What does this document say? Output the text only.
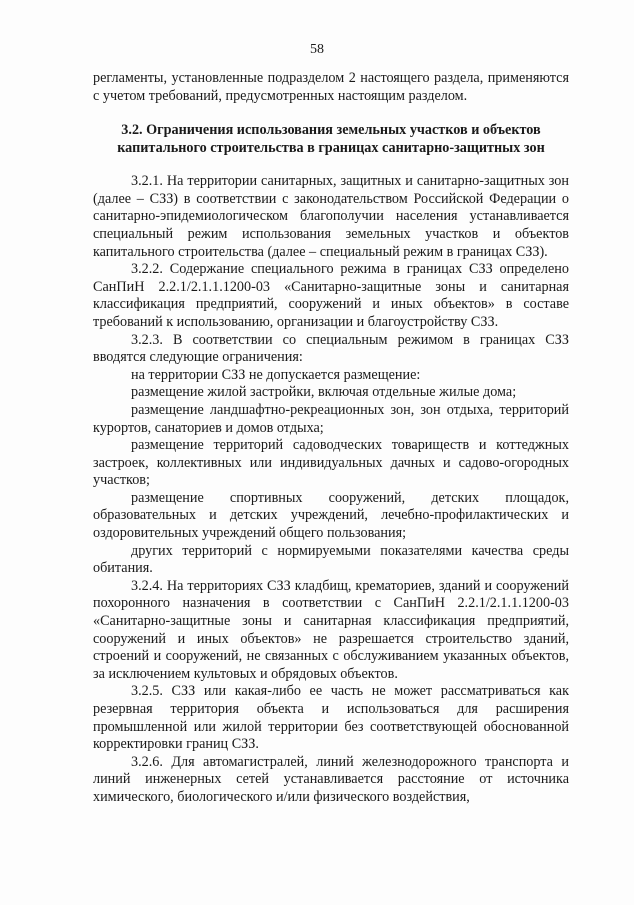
58

регламенты, установленные подразделом 2 настоящего раздела, применяются с учетом требований, предусмотренных настоящим разделом.

3.2. Ограничения использования земельных участков и объектов капитального строительства в границах санитарно-защитных зон

3.2.1. На территории санитарных, защитных и санитарно-защитных зон (далее – СЗЗ) в соответствии с законодательством Российской Федерации о санитарно-эпидемиологическом благополучии населения устанавливается специальный режим использования земельных участков и объектов капитального строительства (далее – специальный режим в границах СЗЗ).

3.2.2. Содержание специального режима в границах СЗЗ определено СанПиН 2.2.1/2.1.1.1200-03 «Санитарно-защитные зоны и санитарная классификация предприятий, сооружений и иных объектов» в составе требований к использованию, организации и благоустройству СЗЗ.

3.2.3. В соответствии со специальным режимом в границах СЗЗ вводятся следующие ограничения:

на территории СЗЗ не допускается размещение:

размещение жилой застройки, включая отдельные жилые дома;

размещение ландшафтно-рекреационных зон, зон отдыха, территорий курортов, санаториев и домов отдыха;

размещение территорий садоводческих товариществ и коттеджных застроек, коллективных или индивидуальных дачных и садово-огородных участков;

размещение спортивных сооружений, детских площадок, образовательных и детских учреждений, лечебно-профилактических и оздоровительных учреждений общего пользования;

других территорий с нормируемыми показателями качества среды обитания.

3.2.4. На территориях СЗЗ кладбищ, крематориев, зданий и сооружений похоронного назначения в соответствии с СанПиН 2.2.1/2.1.1.1200-03 «Санитарно-защитные зоны и санитарная классификация предприятий, сооружений и иных объектов» не разрешается строительство зданий, строений и сооружений, не связанных с обслуживанием указанных объектов, за исключением культовых и обрядовых объектов.

3.2.5. СЗЗ или какая-либо ее часть не может рассматриваться как резервная территория объекта и использоваться для расширения промышленной или жилой территории без соответствующей обоснованной корректировки границ СЗЗ.

3.2.6. Для автомагистралей, линий железнодорожного транспорта и линий инженерных сетей устанавливается расстояние от источника химического, биологического и/или физического воздействия,
